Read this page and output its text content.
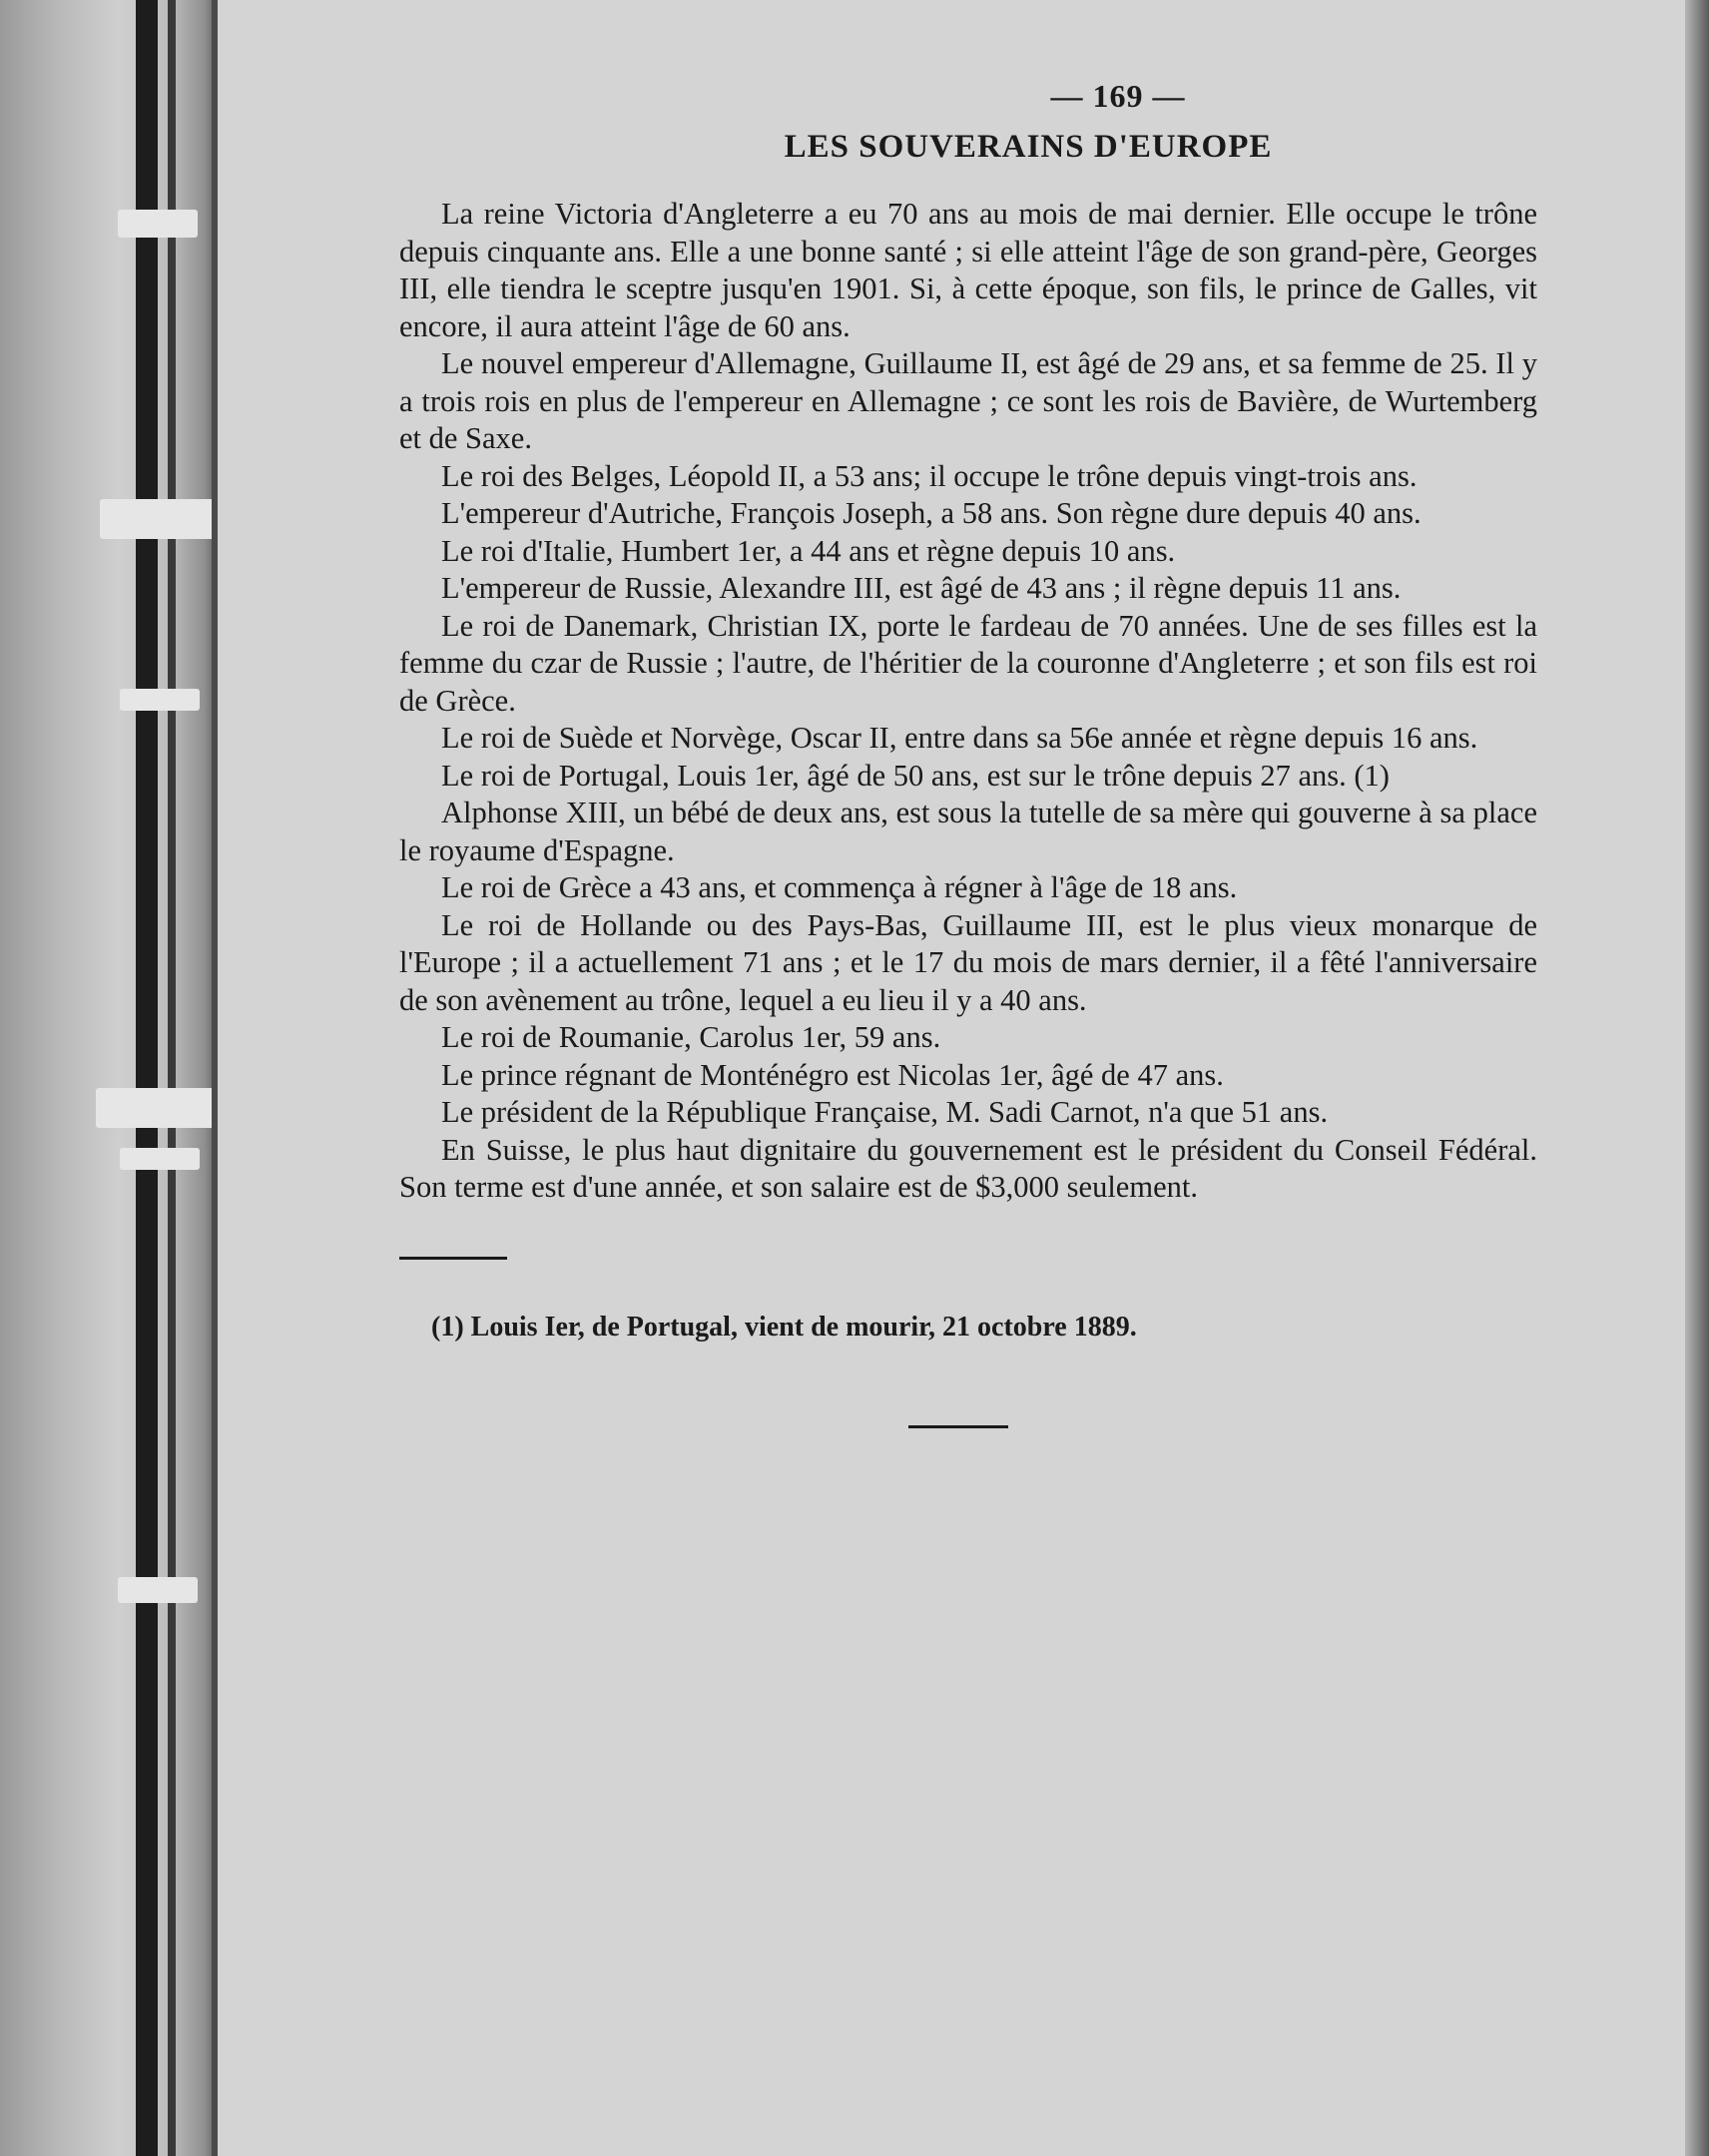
— 169 —
LES SOUVERAINS D'EUROPE

La reine Victoria d'Angleterre a eu 70 ans au mois de mai dernier. Elle occupe le trône depuis cinquante ans. Elle a une bonne santé ; si elle atteint l'âge de son grand-père, Georges III, elle tiendra le sceptre jusqu'en 1901. Si, à cette époque, son fils, le prince de Galles, vit encore, il aura atteint l'âge de 60 ans.

Le nouvel empereur d'Allemagne, Guillaume II, est âgé de 29 ans, et sa femme de 25. Il y a trois rois en plus de l'empereur en Allemagne ; ce sont les rois de Bavière, de Wurtemberg et de Saxe.

Le roi des Belges, Léopold II, a 53 ans; il occupe le trône depuis vingt-trois ans.

L'empereur d'Autriche, François Joseph, a 58 ans. Son règne dure depuis 40 ans.

Le roi d'Italie, Humbert 1er, a 44 ans et règne depuis 10 ans.

L'empereur de Russie, Alexandre III, est âgé de 43 ans ; il règne depuis 11 ans.

Le roi de Danemark, Christian IX, porte le fardeau de 70 années. Une de ses filles est la femme du czar de Russie ; l'autre, de l'héritier de la couronne d'Angleterre ; et son fils est roi de Grèce.

Le roi de Suède et Norvège, Oscar II, entre dans sa 56e année et règne depuis 16 ans.

Le roi de Portugal, Louis 1er, âgé de 50 ans, est sur le trône depuis 27 ans. (1)

Alphonse XIII, un bébé de deux ans, est sous la tutelle de sa mère qui gouverne à sa place le royaume d'Espagne.

Le roi de Grèce a 43 ans, et commença à régner à l'âge de 18 ans.

Le roi de Hollande ou des Pays-Bas, Guillaume III, est le plus vieux monarque de l'Europe ; il a actuellement 71 ans ; et le 17 du mois de mars dernier, il a fêté l'anniversaire de son avènement au trône, lequel a eu lieu il y a 40 ans.

Le roi de Roumanie, Carolus 1er, 59 ans.

Le prince régnant de Monténégro est Nicolas 1er, âgé de 47 ans.

Le président de la République Française, M. Sadi Carnot, n'a que 51 ans.

En Suisse, le plus haut dignitaire du gouvernement est le président du Conseil Fédéral. Son terme est d'une année, et son salaire est de $3,000 seulement.

(1) Louis Ier, de Portugal, vient de mourir, 21 octobre 1889.
